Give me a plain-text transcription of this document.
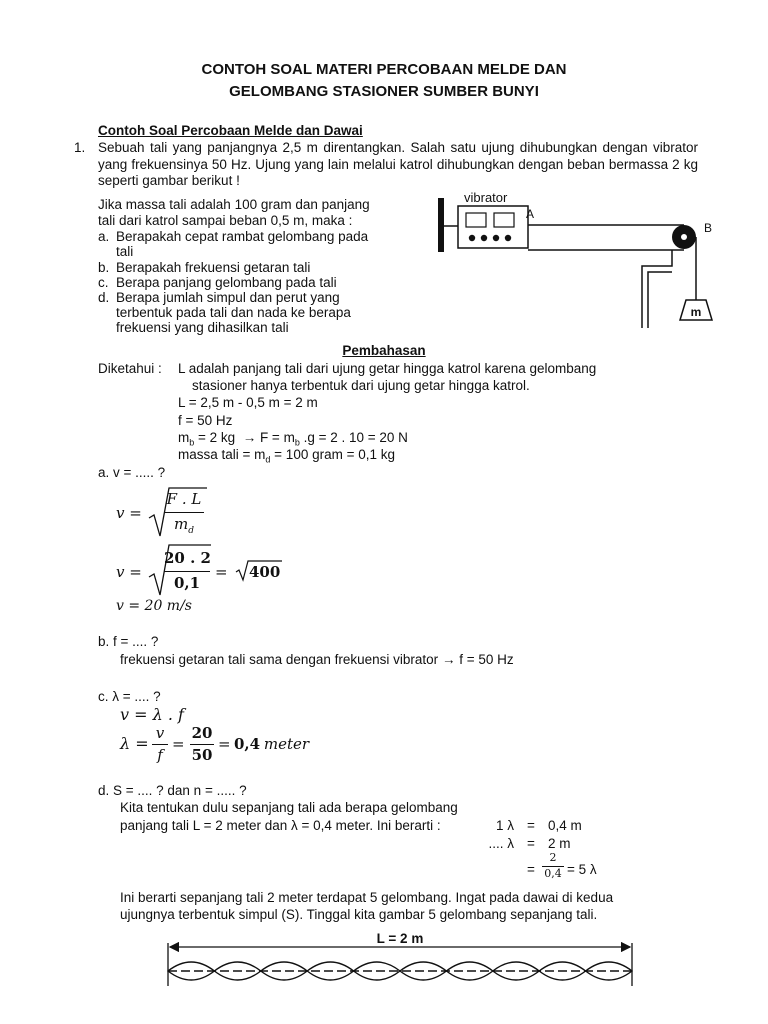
CONTOH SOAL MATERI PERCOBAAN MELDE DAN
GELOMBANG STASIONER SUMBER BUNYI
Contoh Soal Percobaan Melde dan Dawai
1. Sebuah tali yang panjangnya 2,5 m direntangkan. Salah satu ujung dihubungkan dengan vibrator yang frekuensinya 50 Hz. Ujung yang lain melalui katrol dihubungkan dengan beban bermassa 2 kg seperti gambar berikut !
Jika massa tali adalah 100 gram dan panjang
tali dari katrol sampai beban 0,5 m, maka :
a. Berapakah cepat rambat gelombang pada
tali
b. Berapakah frekuensi getaran tali
c. Berapa panjang gelombang pada tali
d. Berapa jumlah simpul dan perut yang
terbentuk pada tali dan nada ke berapa
frekuensi yang dihasilkan tali
vibrator
A
B
m
Pembahasan
Diketahui : L adalah panjang tali dari ujung getar hingga katrol karena gelombang
stasioner hanya terbentuk dari ujung getar hingga katrol.
L = 2,5 m - 0,5 m = 2 m
f = 50 Hz
$m_b = 2$ kg → $F = m_b$ .g = 2 . 10 = 20 N
massa tali = $m_d = 100$ gram = 0,1 kg
a. v = ..... ?
v =
F . L
$m_d$
v =
20 . 2
0,1
= 400
v = 20 m/s
b. f = .... ?
frekuensi getaran tali sama dengan frekuensi vibrator → f = 50 Hz
c. λ = .... ?
v = λ . f
λ =
v
f
=
20
50
= 0,4 meter
d. S = .... ? dan n = ..... ?
Kita tentukan dulu sepanjang tali ada berapa gelombang
panjang tali L = 2 meter dan λ = 0,4 meter. Ini berarti :	1 λ = 0,4 m
.... λ = 2 m
=
2
0,4 = 5 λ
Ini berarti sepanjang tali 2 meter terdapat 5 gelombang. Ingat pada dawai di kedua
ujungnya terbentuk simpul (S). Tinggal kita gambar 5 gelombang sepanjang tali.
L = 2 m
